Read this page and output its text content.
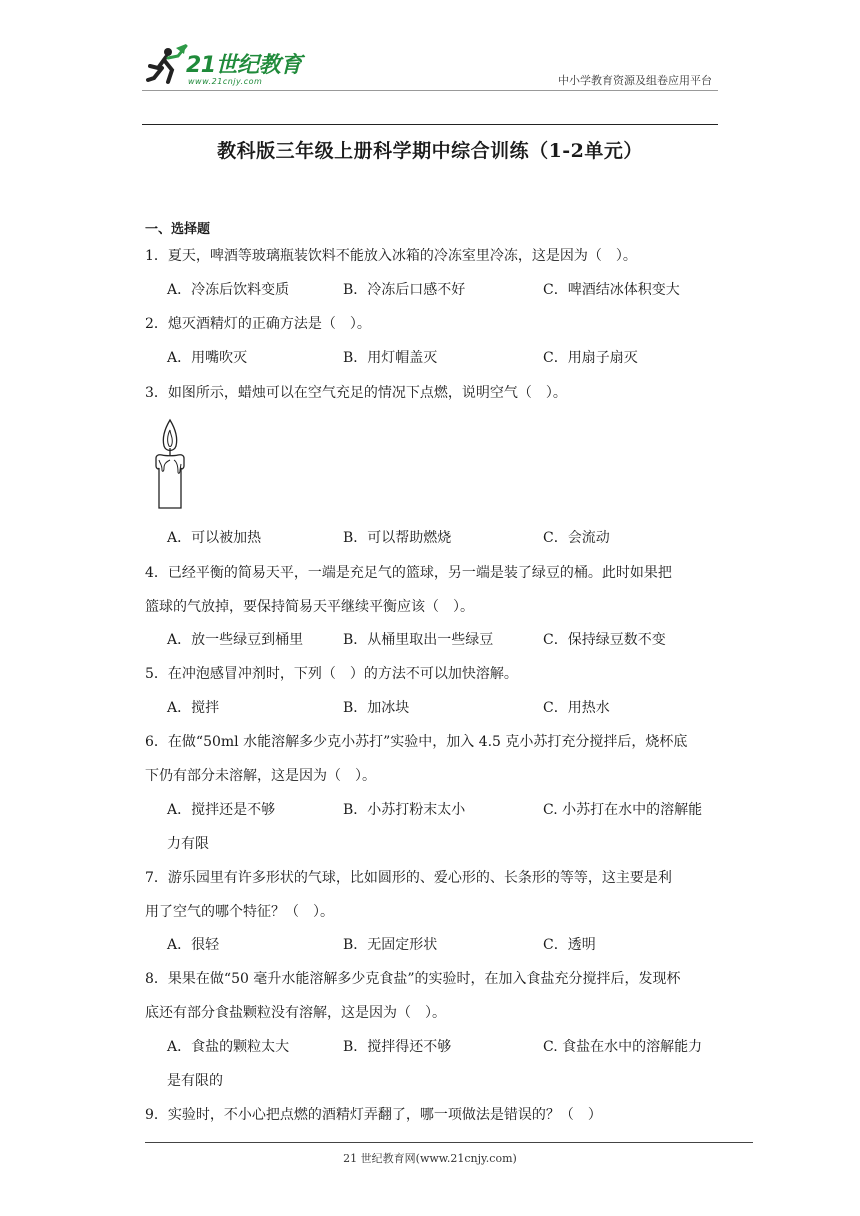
21世纪教育
www.21cnjy.com	中小学教育资源及组卷应用平台
教科版三年级上册科学期中综合训练（1-2单元）
一、选择题
1．夏天，啤酒等玻璃瓶装饮料不能放入冰箱的冷冻室里冷冻，这是因为（　）。
A．冷冻后饮料变质	B．冷冻后口感不好	C．啤酒结冰体积变大
2．熄灭酒精灯的正确方法是（　）。
A．用嘴吹灭	B．用灯帽盖灭	C．用扇子扇灭
3．如图所示，蜡烛可以在空气充足的情况下点燃，说明空气（　）。
A．可以被加热	B．可以帮助燃烧	C．会流动
4．已经平衡的简易天平，一端是充足气的篮球，另一端是装了绿豆的桶。此时如果把
篮球的气放掉，要保持简易天平继续平衡应该（　）。
A．放一些绿豆到桶里	B．从桶里取出一些绿豆	C．保持绿豆数不变
5．在冲泡感冒冲剂时，下列（　）的方法不可以加快溶解。
A．搅拌	B．加冰块	C．用热水
6．在做“50ml 水能溶解多少克小苏打”实验中，加入 4.5 克小苏打充分搅拌后，烧杯底
下仍有部分未溶解，这是因为（　）。
A．搅拌还是不够	B．小苏打粉末太小	C. 小苏打在水中的溶解能
力有限
7．游乐园里有许多形状的气球，比如圆形的、爱心形的、长条形的等等，这主要是利
用了空气的哪个特征？（　）。
A．很轻	B．无固定形状	C．透明
8．果果在做“50 毫升水能溶解多少克食盐”的实验时，在加入食盐充分搅拌后，发现杯
底还有部分食盐颗粒没有溶解，这是因为（　）。
A．食盐的颗粒太大	B．搅拌得还不够	C. 食盐在水中的溶解能力
是有限的
9．实验时，不小心把点燃的酒精灯弄翻了，哪一项做法是错误的？（　）
21 世纪教育网(www.21cnjy.com)
